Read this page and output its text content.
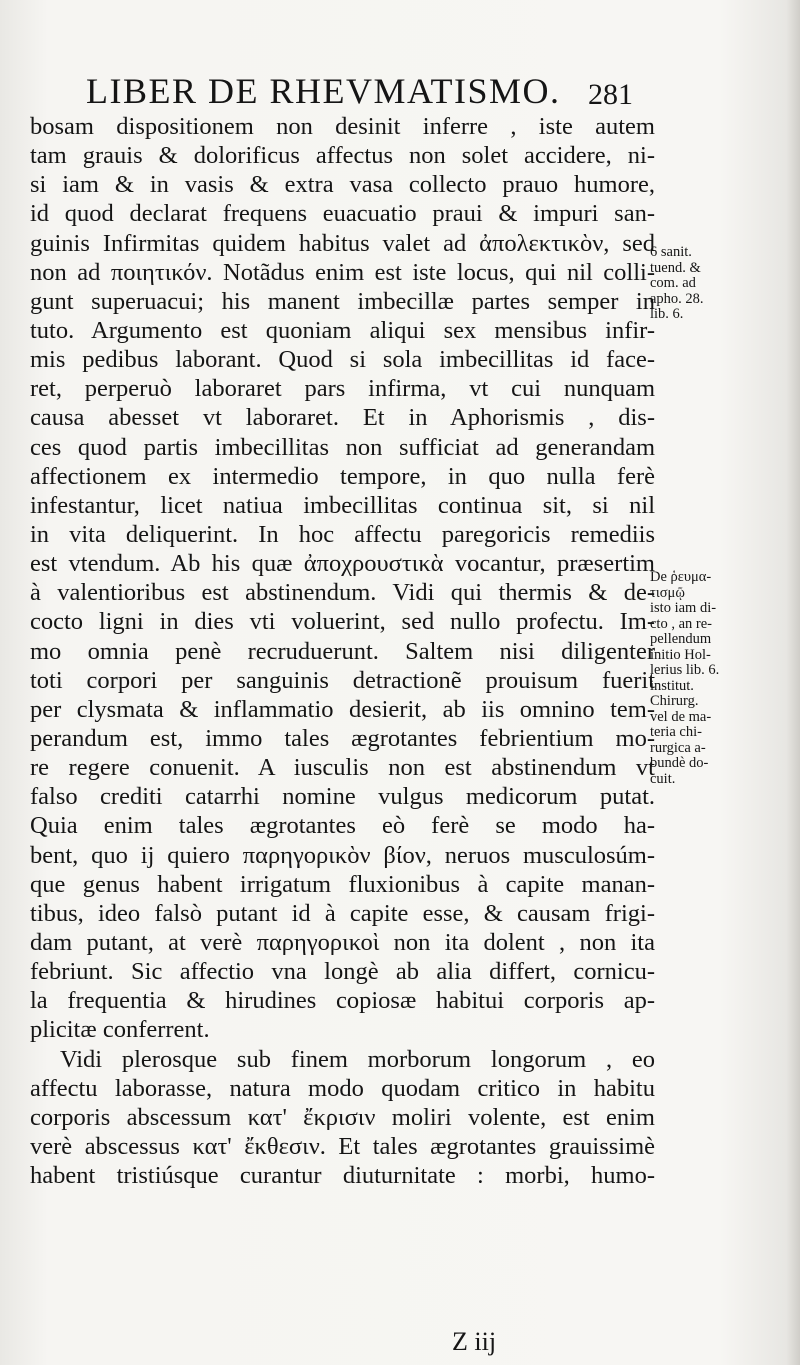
LIBER DE RHEVMATISMO. 281
bosam dispositionem non desinit inferre , iste autem
tam grauis & dolorificus affectus non solet accidere, ni-
si iam & in vasis & extra vasa collecto prauo humore,
id quod declarat frequens euacuatio praui & impuri san-
guinis Infirmitas quidem habitus valet ad ἀπολεκτικὸν, sed
non ad ποιητικόν. Notãdus enim est iste locus, qui nil colli-
gunt superuacui; his manent imbecillæ partes semper in
tuto. Argumento est quoniam aliqui sex mensibus infir-
mis pedibus laborant. Quod si sola imbecillitas id face-
ret, perperuò laboraret pars infirma, vt cui nunquam
causa abesset vt laboraret. Et in Aphorismis , dis-
ces quod partis imbecillitas non sufficiat ad generandam
affectionem ex intermedio tempore, in quo nulla ferè
infestantur, licet natiua imbecillitas continua sit, si nil
in vita deliquerint. In hoc affectu paregoricis remediis
est vtendum. Ab his quæ ἀποχρουστικὰ vocantur, præsertim
à valentioribus est abstinendum. Vidi qui thermis & de-
cocto ligni in dies vti voluerint, sed nullo profectu. Im-
mo omnia penè recruduerunt. Saltem nisi diligenter
toti corpori per sanguinis detractionẽ prouisum fuerit
per clysmata & inflammatio desierit, ab iis omnino tem-
perandum est, immo tales ægrotantes febrientium mo-
re regere conuenit. A iusculis non est abstinendum vt
falso crediti catarrhi nomine vulgus medicorum putat.
Quia enim tales ægrotantes eò ferè se modo ha-
bent, quo ij quiero παρηγορικὸν βίον, neruos musculosúm-
que genus habent irrigatum fluxionibus à capite manan-
tibus, ideo falsò putant id à capite esse, & causam frigi-
dam putant, at verè παρηγορικοὶ non ita dolent , non ita
febriunt. Sic affectio vna longè ab alia differt, cornicu-
la frequentia & hirudines copiosæ habitui corporis ap-
plicitæ conferrent.
Vidi plerosque sub finem morborum longorum , eo
affectu laborasse, natura modo quodam critico in habitu
corporis abscessum κατ' ἔκρισιν moliri volente, est enim
verè abscessus κατ' ἔκθεσιν. Et tales ægrotantes grauissimè
habent tristiúsque curantur diuturnitate : morbi, humo-
6 sanit.
tuend. &
com. ad
apho. 28.
lib. 6.
De ῥευμα-
τισμῷ
isto iam di-
cto , an re-
pellendum
initio Hol-
lerius lib. 6.
institut.
Chirurg.
vel de ma-
teria chi-
rurgica a-
bundè do-
cuit.
Z iij
